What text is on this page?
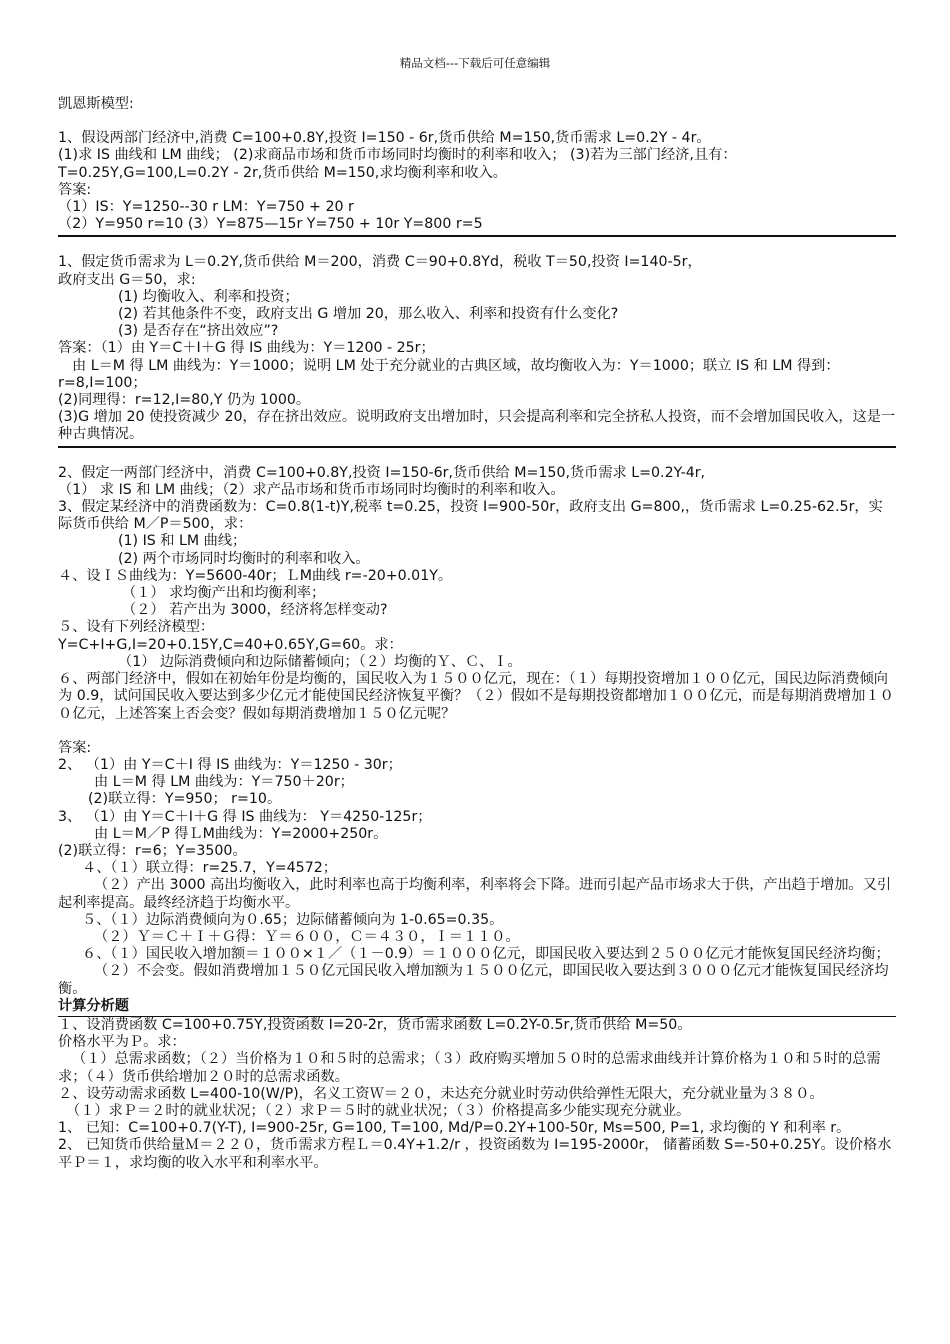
精品文档---下载后可任意编辑
凯恩斯模型:
1、假设两部门经济中,消费 C=100+0.8Y,投资 I=150 - 6r,货币供给 M=150,货币需求 L=0.2Y - 4r。
(1)求 IS 曲线和 LM 曲线； (2)求商品市场和货币市场同时均衡时的利率和收入； (3)若为三部门经济,且有：
T=0.25Y,G=100,L=0.2Y - 2r,货币供给 M=150,求均衡利率和收入。
答案:
（1）IS：Y=1250--30 r LM：Y=750 + 20 r
（2）Y=950 r=10 (3）Y=875—15r Y=750 + 10r Y=800 r=5
1、假定货币需求为 L＝0.2Y,货币供给 M＝200，消费 C＝90+0.8Yd，税收 T＝50,投资 I=140-5r，
政府支出 G＝50，求:
(1) 均衡收入、利率和投资；
(2) 若其他条件不变，政府支出 G 增加 20，那么收入、利率和投资有什么变化?
(3) 是否存在“挤出效应”?
答案：（1）由 Y＝C＋I＋G 得 IS 曲线为：Y＝1200 - 25r；
由 L＝M 得 LM 曲线为：Y＝1000；说明 LM 处于充分就业的古典区域，故均衡收入为：Y＝1000；联立 IS 和 LM 得到：r=8,I=100；
(2)同理得：r=12,I=80,Y 仍为 1000。
(3)G 增加 20 使投资减少 20，存在挤出效应。说明政府支出增加时，只会提高利率和完全挤私人投资，而不会增加国民收入，这是一种古典情况。
2、假定一两部门经济中，消费 C=100+0.8Y,投资 I=150-6r,货币供给 M=150,货币需求 L=0.2Y-4r,
（1） 求 IS 和 LM 曲线；（2）求产品市场和货币市场同时均衡时的利率和收入。
3、假定某经济中的消费函数为：C=0.8(1-t)Y,税率 t=0.25，投资 I=900-50r，政府支出 G=800,，货币需求 L=0.25-62.5r，实际货币供给 M／P＝500，求：
(1) IS 和 LM 曲线；
(2) 两个市场同时均衡时的利率和收入。
４、设ＩＳ曲线为：Y=5600-40r；ＬM曲线 r=-20+0.01Y。
（１） 求均衡产出和均衡利率；
（２） 若产出为 3000，经济将怎样变动?
５、设有下列经济模型：
Y=C+I+G,I=20+0.15Y,C=40+0.65Y,G=60。求：
（1） 边际消费倾向和边际储蓄倾向；（２）均衡的Ｙ、Ｃ、Ｉ。
６、两部门经济中，假如在初始年份是均衡的，国民收入为１５００亿元，现在：（１）每期投资增加１００亿元，国民边际消费倾向为 0.9，试问国民收入要达到多少亿元才能使国民经济恢复平衡？（２）假如不是每期投资都增加１００亿元，而是每期消费增加１００亿元，上述答案上否会变？假如每期消费增加１５０亿元呢？
答案:
2、 （1）由 Y＝C＋I 得 IS 曲线为：Y＝1250 - 30r；
由 L＝M 得 LM 曲线为：Y＝750＋20r；
(2)联立得：Y=950； r=10。
3、 （1）由 Y＝C＋I＋G 得 IS 曲线为： Y＝4250-125r；
由 L＝M／P 得ＬM曲线为：Y=2000+250r。
(2)联立得：r=6；Y=3500。
４、（１）联立得：r=25.7，Y=4572；
（２）产出 3000 高出均衡收入，此时利率也高于均衡利率，利率将会下降。进而引起产品市场求大于供，产出趋于增加。又引起利率提高。最终经济趋于均衡水平。
５、（１）边际消费倾向为０.65；边际储蓄倾向为 1-0.65=0.35。
（２）Ｙ＝Ｃ＋Ｉ＋Ｇ得：Ｙ＝６００，Ｃ＝４３０，Ｉ＝１１０。
６、（１）国民收入增加额＝１００×１／（１－0.9）＝１０００亿元，即国民收入要达到２５００亿元才能恢复国民经济均衡；
（２）不会变。假如消费增加１５０亿元国民收入增加额为１５００亿元，即国民收入要达到３０００亿元才能恢复国民经济均衡。
计算分析题
１、设消费函数 C=100+0.75Y,投资函数 I=20-2r，货币需求函数 L=0.2Y-0.5r,货币供给 M=50。
价格水平为Ｐ。求：
（１）总需求函数；（２）当价格为１０和５时的总需求；（３）政府购买增加５０时的总需求曲线并计算价格为１０和５时的总需求；（４）货币供给增加２０时的总需求函数。
２、设劳动需求函数 L=400-10(W/P)，名义工资Ｗ＝２０，未达充分就业时劳动供给弹性无限大，充分就业量为３８０。
（１）求Ｐ＝２时的就业状况；（２）求Ｐ＝５时的就业状况；（３）价格提高多少能实现充分就业。
1、 已知：C=100+0.7(Y-T), I=900-25r, G=100, T=100, Md/P=0.2Y+100-50r, Ms=500, P=1, 求均衡的 Y 和利率 r。
2、 已知货币供给量Ｍ＝２２０，货币需求方程Ｌ＝0.4Y+1.2/r ，投资函数为 I=195-2000r， 储蓄函数 S=-50+0.25Y。设价格水平Ｐ＝１，求均衡的收入水平和利率水平。
